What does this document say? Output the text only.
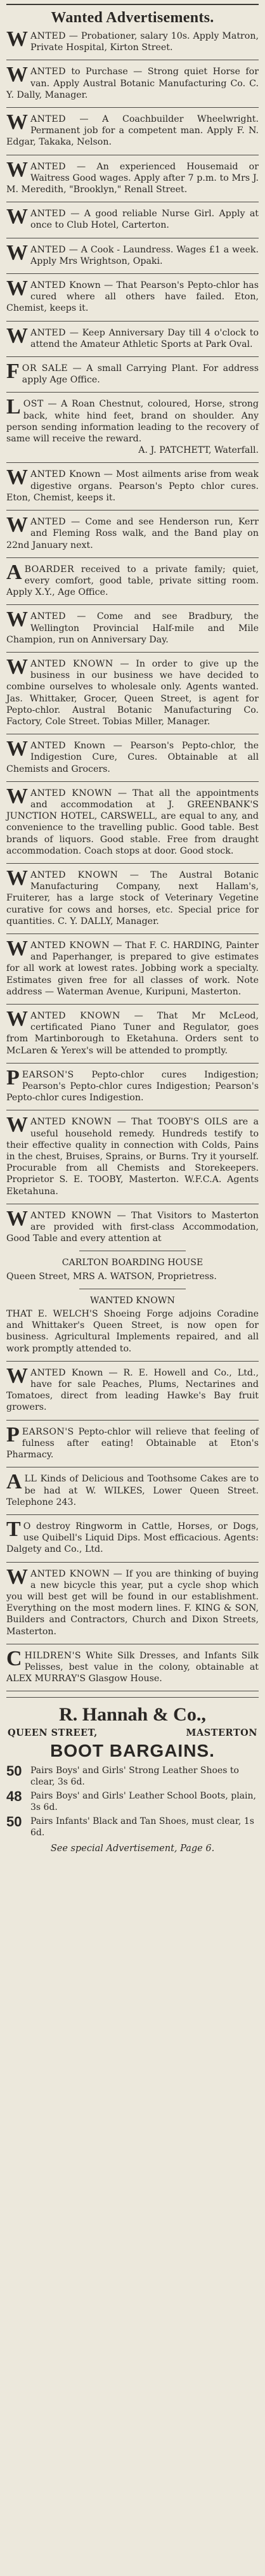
Wanted Advertisements.

WANTED — Probationer, salary 10s. Apply Matron, Private Hospital, Kirton Street.

WANTED to Purchase — Strong quiet Horse for van. Apply Austral Botanic Manufacturing Co. C. Y. Dally, Manager.

WANTED — A Coachbuilder Wheelwright. Permanent job for a competent man. Apply F. N. Edgar, Takaka, Nelson.

WANTED — An experienced Housemaid or Waitress Good wages. Apply after 7 p.m. to Mrs J. M. Meredith, "Brooklyn," Renall Street.

WANTED — A good reliable Nurse Girl. Apply at once to Club Hotel, Carterton.

WANTED — A Cook - Laundress. Wages £1 a week. Apply Mrs Wrightson, Opaki.

WANTED Known — That Pearson's Pepto-chlor has cured where all others have failed. Eton, Chemist, keeps it.

WANTED — Keep Anniversary Day till 4 o'clock to attend the Amateur Athletic Sports at Park Oval.

FOR SALE — A small Carrying Plant. For address apply Age Office.

LOST — A Roan Chestnut, coloured, Horse, strong back, white hind feet, brand on shoulder. Any person sending information leading to the recovery of same will receive the reward.
A. J. PATCHETT, Waterfall.

WANTED Known — Most ailments arise from weak digestive organs. Pearson's Pepto chlor cures. Eton, Chemist, keeps it.

WANTED — Come and see Henderson run, Kerr and Fleming Ross walk, and the Band play on 22nd January next.

A BOARDER received to a private family; quiet, every comfort, good table, private sitting room. Apply X.Y., Age Office.

WANTED — Come and see Bradbury, the Wellington Provincial Half-mile and Mile Champion, run on Anniversary Day.

WANTED KNOWN — In order to give up the business in our business we have decided to combine ourselves to wholesale only. Agents wanted. Jas. Whittaker, Grocer, Queen Street, is agent for Pepto-chlor. Austral Botanic Manufacturing Co. Factory, Cole Street. Tobias Miller, Manager.

WANTED Known — Pearson's Pepto-chlor, the Indigestion Cure, Cures. Obtainable at all Chemists and Grocers.

WANTED KNOWN — That all the appointments and accommodation at J. GREENBANK'S JUNCTION HOTEL, CARSWELL, are equal to any, and convenience to the travelling public. Good table. Best brands of liquors. Good stable. Free from draught accommodation. Coach stops at door. Good stock.

WANTED KNOWN — The Austral Botanic Manufacturing Company, next Hallam's, Fruiterer, has a large stock of Veterinary Vegetine curative for cows and horses, etc. Special price for quantities. C. Y. DALLY, Manager.

WANTED KNOWN — That F. C. HARDING, Painter and Paperhanger, is prepared to give estimates for all work at lowest rates. Jobbing work a specialty. Estimates given free for all classes of work. Note address — Waterman Avenue, Kuripuni, Masterton.

WANTED KNOWN — That Mr McLeod, certificated Piano Tuner and Regulator, goes from Martinborough to Eketahuna. Orders sent to McLaren & Yerex's will be attended to promptly.

PEARSON'S Pepto-chlor cures Indigestion; Pearson's Pepto-chlor cures Indigestion; Pearson's Pepto-chlor cures Indigestion.

WANTED KNOWN — That TOOBY'S OILS are a useful household remedy. Hundreds testify to their effective quality in connection with Colds, Pains in the chest, Bruises, Sprains, or Burns. Try it yourself. Procurable from all Chemists and Storekeepers. Proprietor S. E. TOOBY, Masterton. W.F.C.A. Agents Eketahuna.

WANTED KNOWN — That Visitors to Masterton are provided with first-class Accommodation, Good Table and every attention at

CARLTON BOARDING HOUSE

Queen Street, MRS A. WATSON, Proprietress.

WANTED KNOWN

THAT E. WELCH'S Shoeing Forge adjoins Coradine and Whittaker's Queen Street, is now open for business. Agricultural Implements repaired, and all work promptly attended to.

WANTED Known — R. E. Howell and Co., Ltd., have for sale Peaches, Plums, Nectarines and Tomatoes, direct from leading Hawke's Bay fruit growers.

PEARSON'S Pepto-chlor will relieve that feeling of fulness after eating! Obtainable at Eton's Pharmacy.

ALL Kinds of Delicious and Toothsome Cakes are to be had at W. WILKES, Lower Queen Street. Telephone 243.

T O destroy Ringworm in Cattle, Horses, or Dogs, use Quibell's Liquid Dips. Most efficacious. Agents: Dalgety and Co., Ltd.

WANTED KNOWN — If you are thinking of buying a new bicycle this year, put a cycle shop which you will best get will be found in our establishment. Everything on the most modern lines. F. KING & SON, Builders and Contractors, Church and Dixon Streets, Masterton.

CHILDREN'S White Silk Dresses, and Infants Silk Pelisses, best value in the colony, obtainable at ALEX MURRAY'S Glasgow House.

R. Hannah & Co.,
QUEEN STREET,	MASTERTON
BOOT BARGAINS.
50 Pairs Boys' and Girls' Strong Leather Shoes to clear, 3s 6d.
48 Pairs Boys' and Girls' Leather School Boots, plain, 3s 6d.
50 Pairs Infants' Black and Tan Shoes, must clear, 1s 6d.
See special Advertisement, Page 6.
